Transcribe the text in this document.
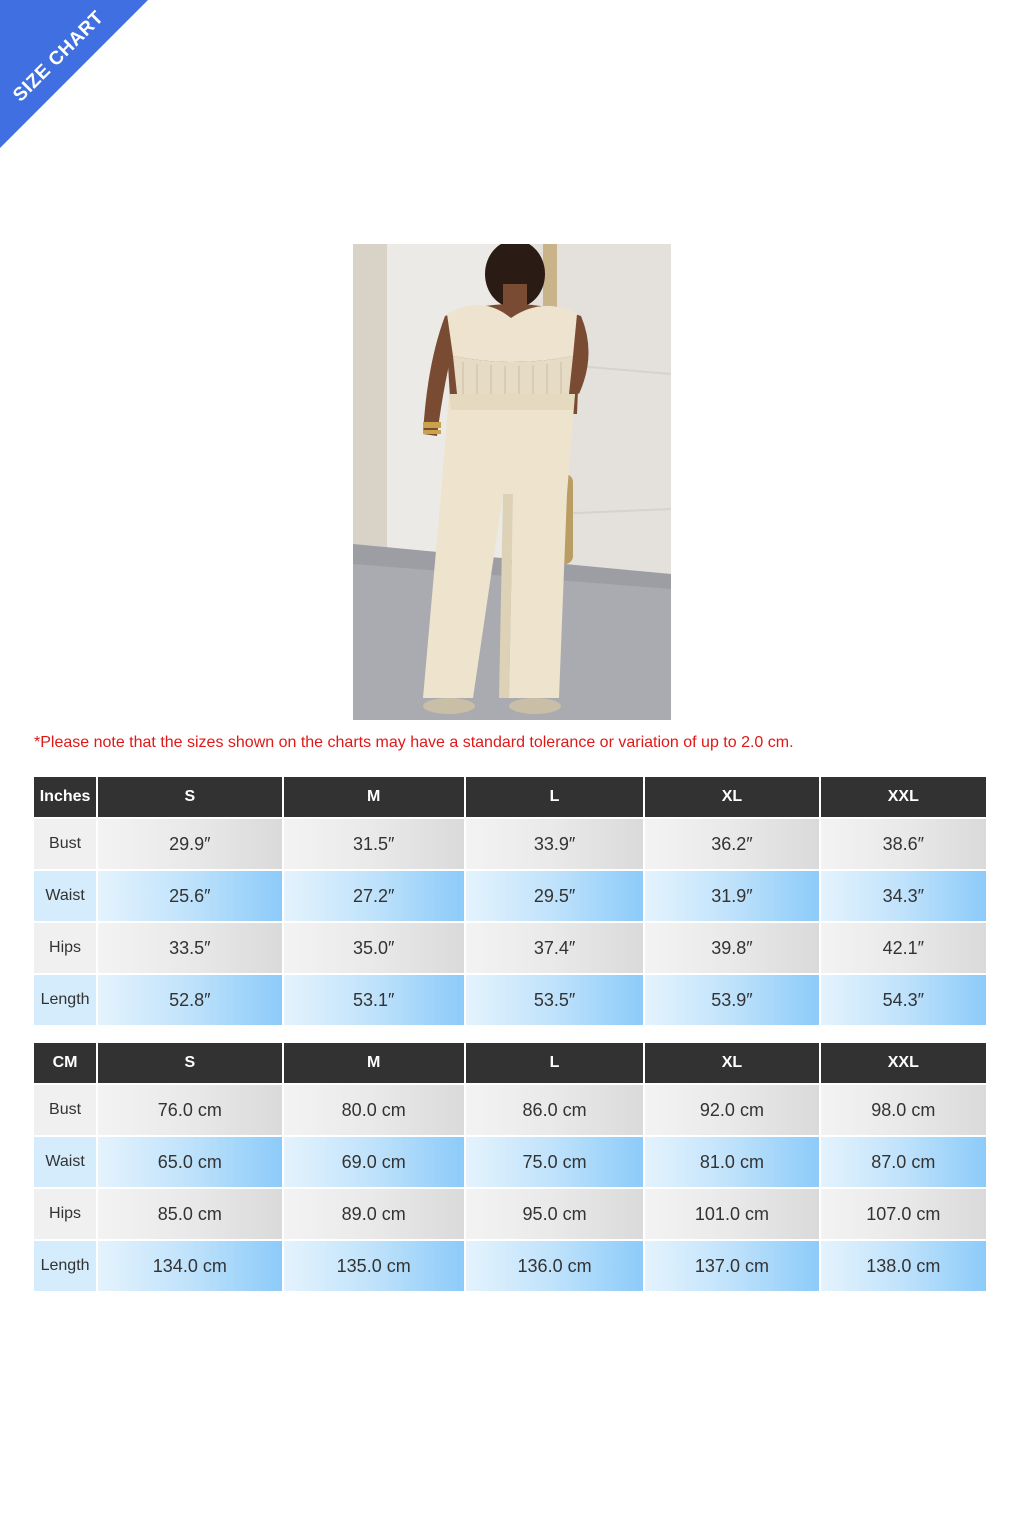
SIZE CHART
*Please note that the sizes shown on the charts may have a standard tolerance or variation of up to 2.0 cm.
Inches	S	M	L	XL	XXL
Bust	29.9″	31.5″	33.9″	36.2″	38.6″
Waist	25.6″	27.2″	29.5″	31.9″	34.3″
Hips	33.5″	35.0″	37.4″	39.8″	42.1″
Length	52.8″	53.1″	53.5″	53.9″	54.3″
CM	S	M	L	XL	XXL
Bust	76.0 cm	80.0 cm	86.0 cm	92.0 cm	98.0 cm
Waist	65.0 cm	69.0 cm	75.0 cm	81.0 cm	87.0 cm
Hips	85.0 cm	89.0 cm	95.0 cm	101.0 cm	107.0 cm
Length	134.0 cm	135.0 cm	136.0 cm	137.0 cm	138.0 cm
